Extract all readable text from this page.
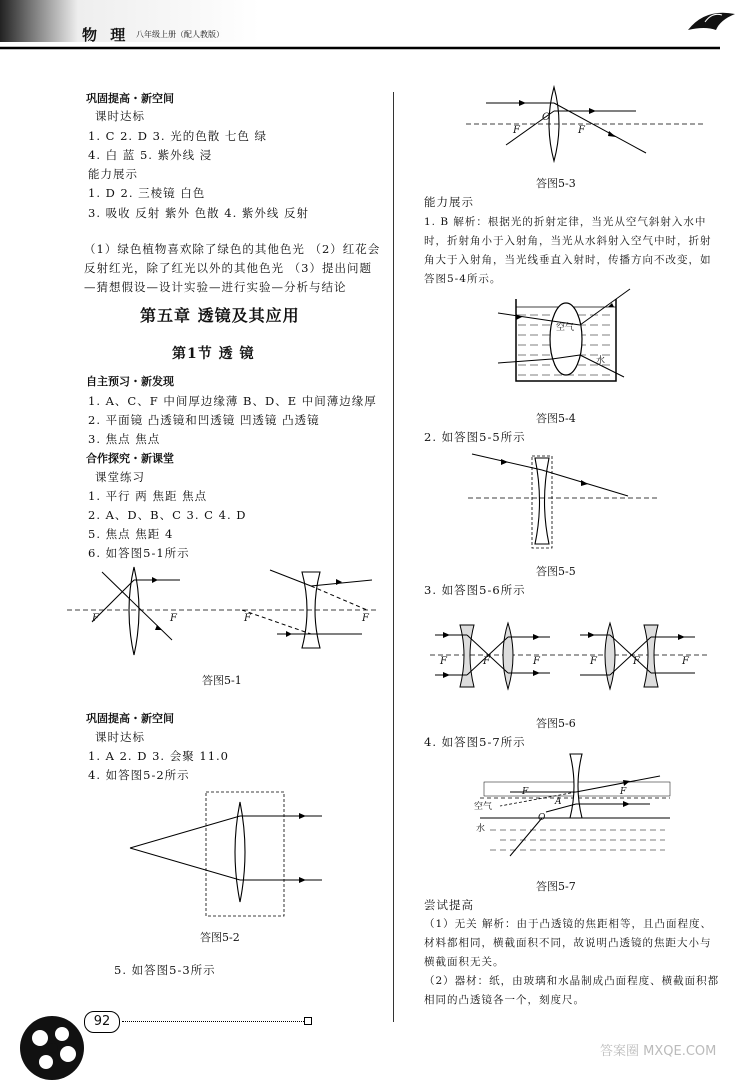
物 理 八年级上册（配人教版）
巩固提高・新空间
课时达标
1. C 2. D 3. 光的色散 七色 绿
4. 白 蓝 5. 紫外线 浸
能力展示
1. D 2. 三棱镜 白色
3. 吸收 反射 紫外 色散 4. 紫外线 反射
（1）绿色植物喜欢除了绿色的其他色光 （2）红花会反射红光，除了红光以外的其他色光 （3）提出问题—猜想假设—设计实验—进行实验—分析与结论
第五章 透镜及其应用
第1节 透 镜
自主预习・新发现
1. A、C、F 中间厚边缘薄 B、D、E 中间薄边缘厚
2. 平面镜 凸透镜和凹透镜 凹透镜 凸透镜
3. 焦点 焦点
合作探究・新课堂
课堂练习
1. 平行 两 焦距 焦点
2. A、D、B、C 3. C 4. D
5. 焦点 焦距 4
6. 如答图5-1所示
F	F	F	F
答图5-1
巩固提高・新空间
课时达标
1. A 2. D 3. 会聚 11.0
4. 如答图5-2所示
答图5-2
5. 如答图5-3所示
F
O
F
答图5-3
能力展示
1. B 解析：根据光的折射定律，当光从空气斜射入水中时，折射角小于入射角，当光从水斜射入空气中时，折射角大于入射角，当光线垂直入射时，传播方向不改变，如答图5-4所示。
空气
水
答图5-4
2. 如答图5-5所示
答图5-5
3. 如答图5-6所示
F	F	F	F	F	F
答图5-6
4. 如答图5-7所示
F
A
F
O
空气
水
答图5-7
尝试提高
（1）无关 解析：由于凸透镜的焦距相等，且凸面程度、材料都相同，横截面积不同，故说明凸透镜的焦距大小与横截面积无关。
（2）器材：纸，由玻璃和水晶制成凸面程度、横截面积都相同的凸透镜各一个，刻度尺。
92
答案圈 MXQE.COM
